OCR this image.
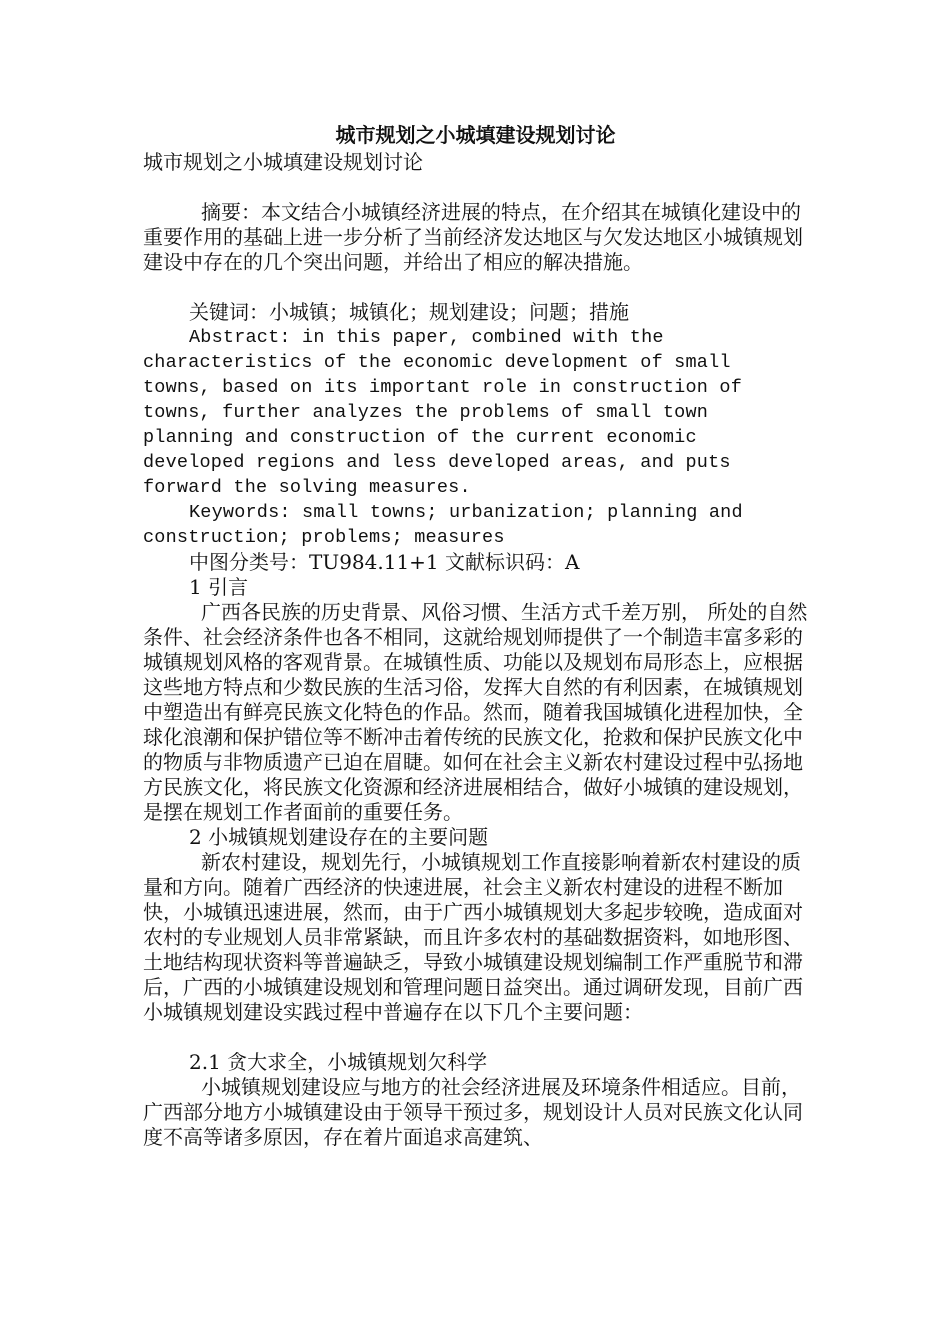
城市规划之小城填建设规划讨论

城市规划之小城填建设规划讨论

摘要：本文结合小城镇经济进展的特点，在介绍其在城镇化建设中的重要作用的基础上进一步分析了当前经济发达地区与欠发达地区小城镇规划建设中存在的几个突出问题，并给出了相应的解决措施。

关键词：小城镇；城镇化；规划建设；问题；措施

Abstract: in this paper, combined with the characteristics of the economic development of small towns, based on its important role in construction of towns, further analyzes the problems of small town planning and construction of the current economic developed regions and less developed areas, and puts forward the solving measures.

Keywords: small towns; urbanization; planning and construction; problems; measures

中图分类号：TU984.11+1 文献标识码：A

1 引言

广西各民族的历史背景、风俗习惯、生活方式千差万别， 所处的自然条件、社会经济条件也各不相同，这就给规划师提供了一个制造丰富多彩的城镇规划风格的客观背景。在城镇性质、功能以及规划布局形态上，应根据这些地方特点和少数民族的生活习俗，发挥大自然的有利因素，在城镇规划中塑造出有鲜亮民族文化特色的作品。然而，随着我国城镇化进程加快，全球化浪潮和保护错位等不断冲击着传统的民族文化，抢救和保护民族文化中的物质与非物质遗产已迫在眉睫。如何在社会主义新农村建设过程中弘扬地方民族文化，将民族文化资源和经济进展相结合，做好小城镇的建设规划，是摆在规划工作者面前的重要任务。

2 小城镇规划建设存在的主要问题

新农村建设，规划先行，小城镇规划工作直接影响着新农村建设的质量和方向。随着广西经济的快速进展，社会主义新农村建设的进程不断加快，小城镇迅速进展，然而，由于广西小城镇规划大多起步较晚，造成面对农村的专业规划人员非常紧缺，而且许多农村的基础数据资料，如地形图、土地结构现状资料等普遍缺乏，导致小城镇建设规划编制工作严重脱节和滞后，广西的小城镇建设规划和管理问题日益突出。通过调研发现，目前广西小城镇规划建设实践过程中普遍存在以下几个主要问题：

2.1 贪大求全，小城镇规划欠科学

小城镇规划建设应与地方的社会经济进展及环境条件相适应。目前，广西部分地方小城镇建设由于领导干预过多，规划设计人员对民族文化认同度不高等诸多原因，存在着片面追求高建筑、
